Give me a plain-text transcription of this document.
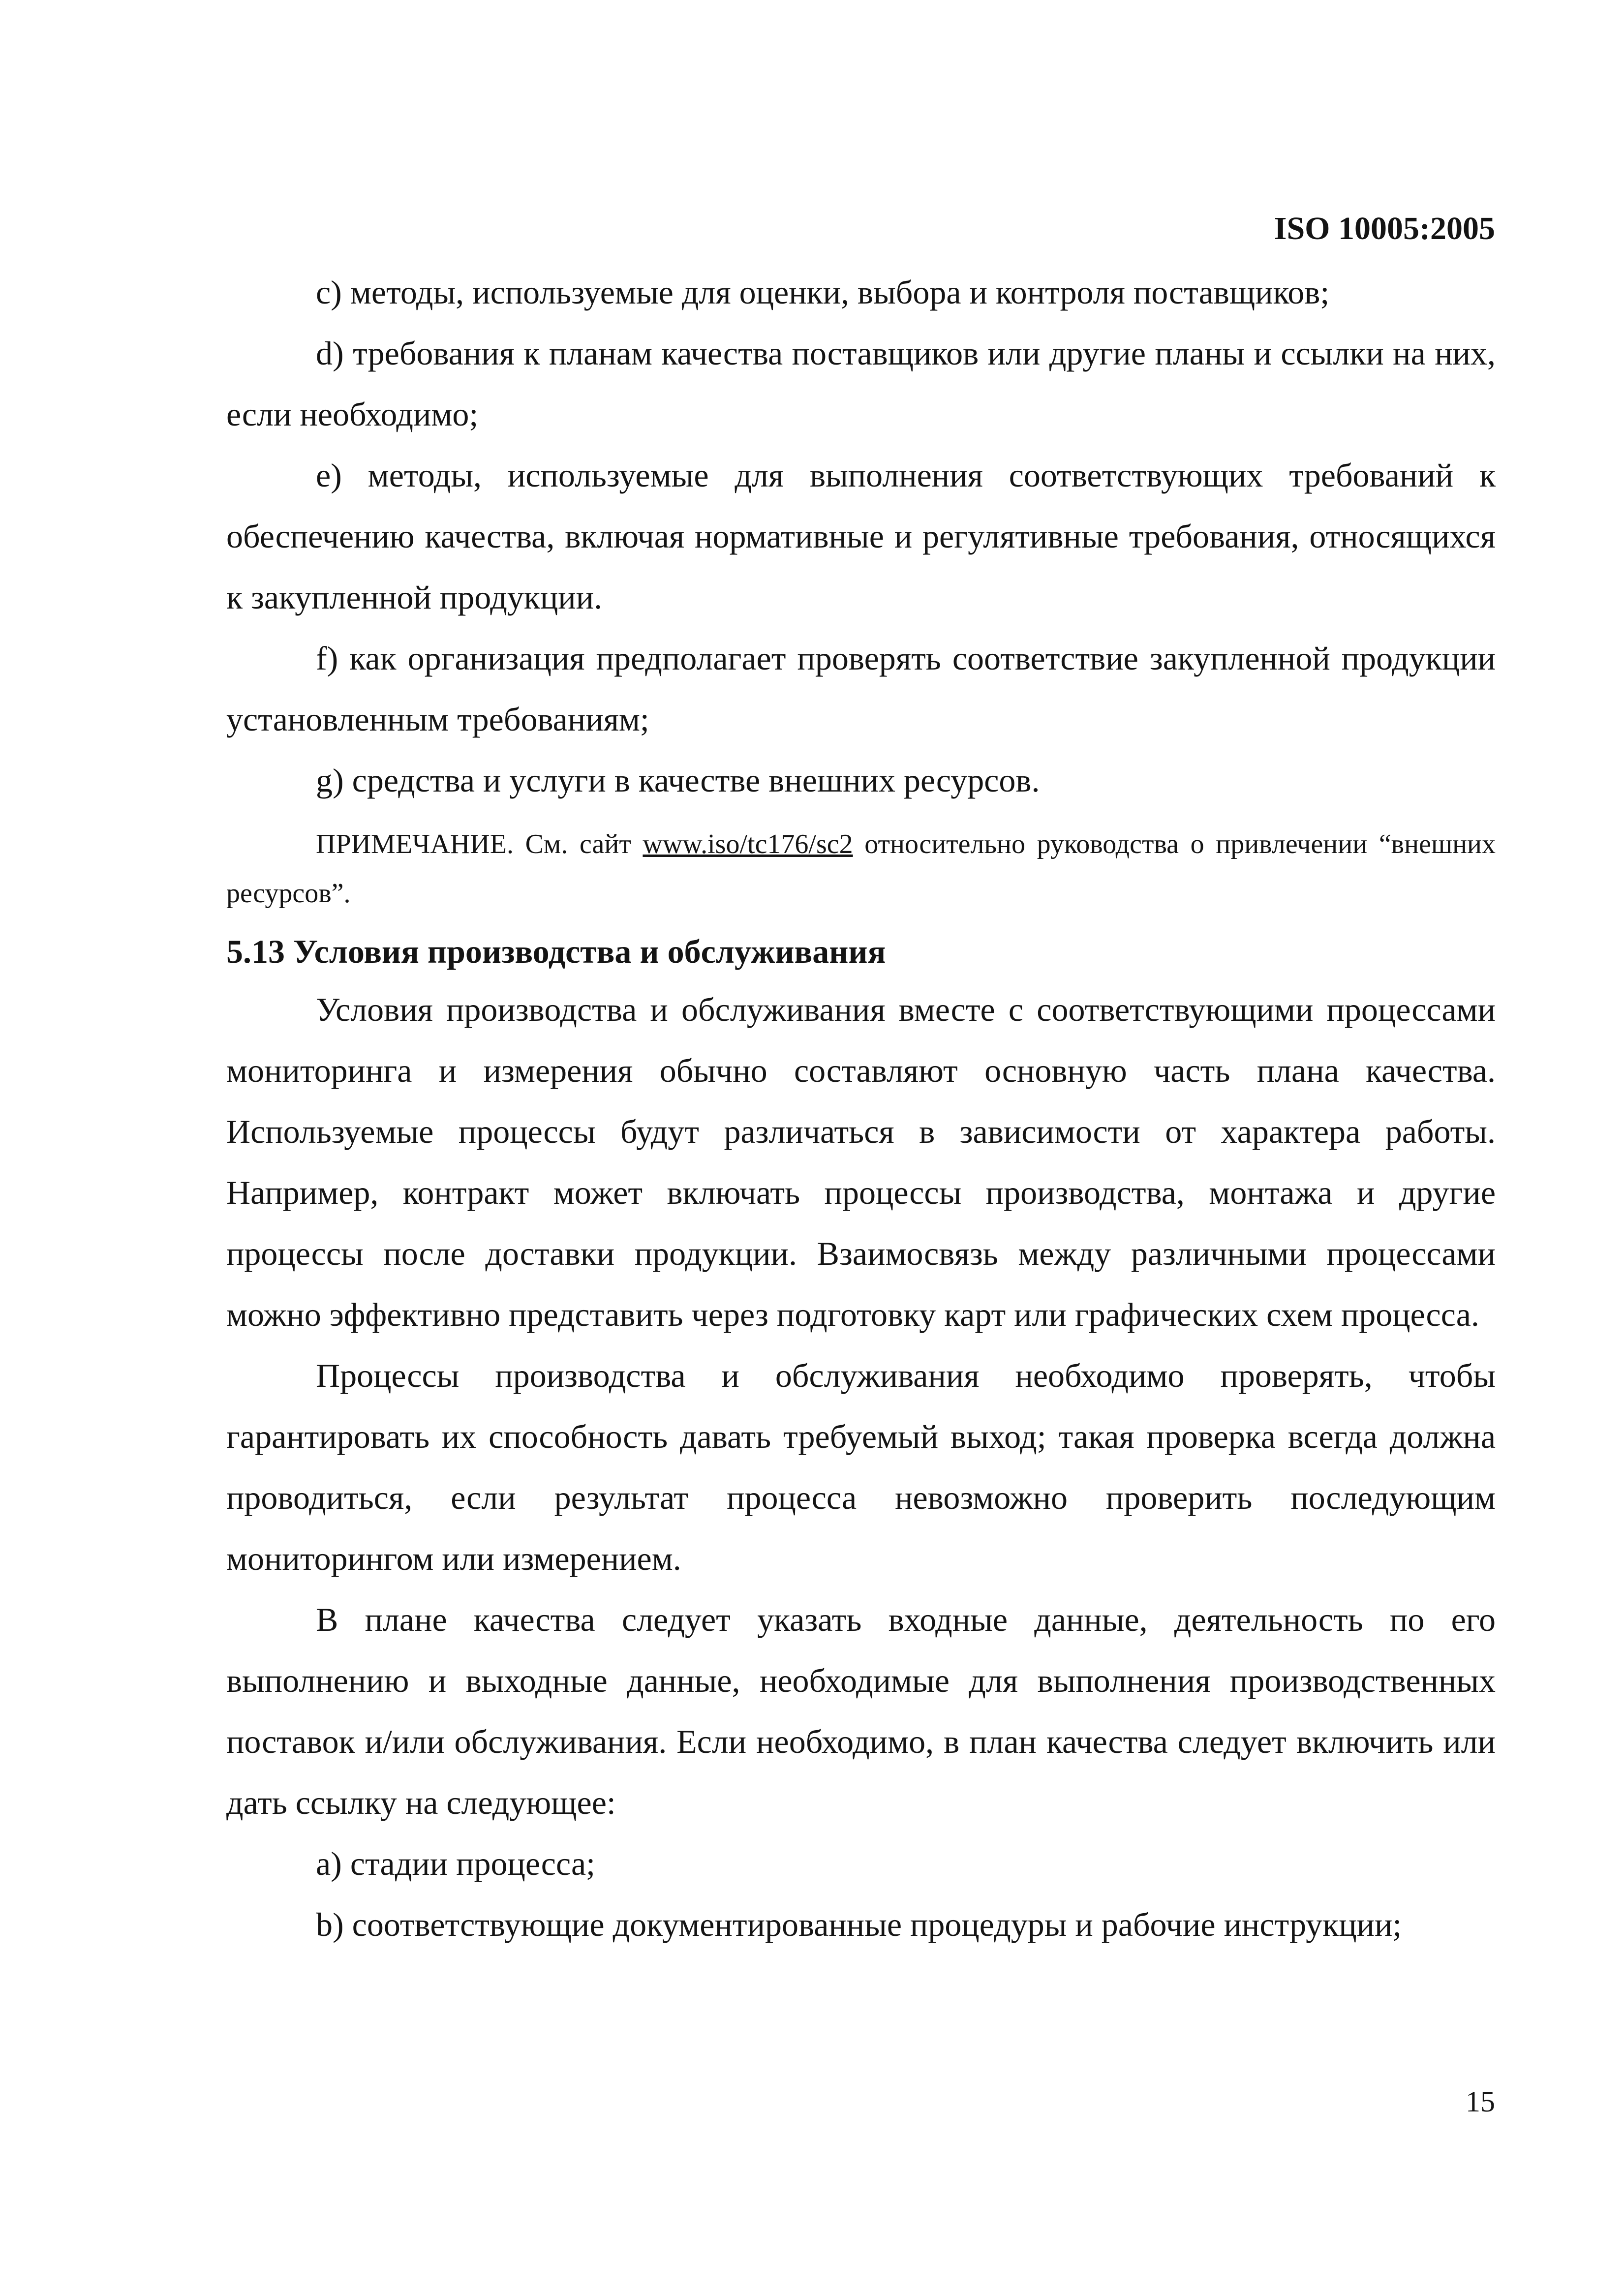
ISO 10005:2005

c) методы, используемые для оценки, выбора и контроля поставщиков;

d) требования к планам качества поставщиков или другие планы и ссылки на них, если необходимо;

e) методы, используемые для выполнения соответствующих требований к обеспечению качества, включая нормативные и регулятивные требования, относящихся к закупленной продукции.

f) как организация предполагает проверять соответствие закупленной продукции установленным требованиям;

g) средства и услуги в качестве внешних ресурсов.

ПРИМЕЧАНИЕ. См. сайт www.iso/tc176/sc2 относительно руководства о привлечении “внешних ресурсов”.

5.13 Условия производства и обслуживания

Условия производства и обслуживания вместе с соответствующими процессами мониторинга и измерения обычно составляют основную часть плана качества. Используемые процессы будут различаться в зависимости от характера работы. Например, контракт может включать процессы производства, монтажа и другие процессы после доставки продукции. Взаимосвязь между различными процессами можно эффективно представить через подготовку карт или графических схем процесса.

Процессы производства и обслуживания необходимо проверять, чтобы гарантировать их способность давать требуемый выход; такая проверка всегда должна проводиться, если результат процесса невозможно проверить последующим мониторингом или измерением.

В плане качества следует указать входные данные, деятельность по его выполнению и выходные данные, необходимые для выполнения производственных поставок и/или обслуживания. Если необходимо, в план качества следует включить или дать ссылку на следующее:

a) стадии процесса;

b) соответствующие документированные процедуры и рабочие инструкции;

15
